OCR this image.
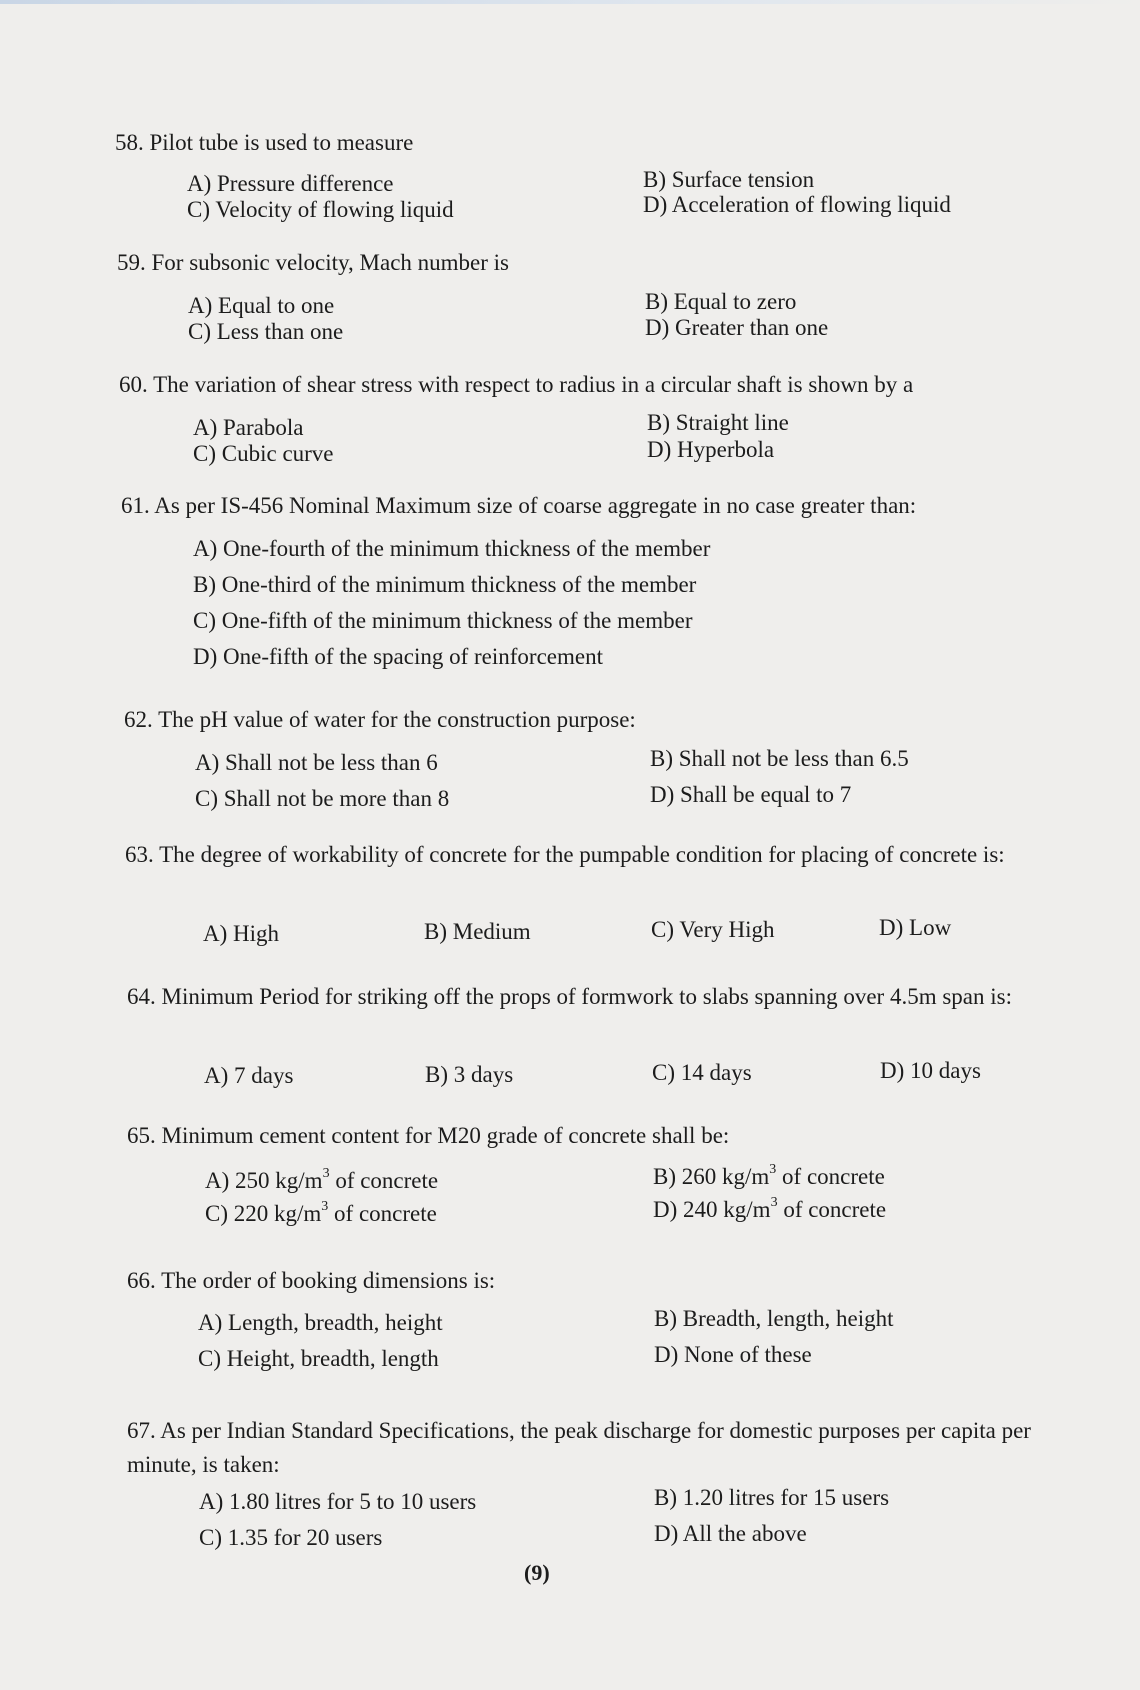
58. Pilot tube is used to measure
A) Pressure difference	B) Surface tension
C) Velocity of flowing liquid	D) Acceleration of flowing liquid
59. For subsonic velocity, Mach number is
A) Equal to one	B) Equal to zero
C) Less than one	D) Greater than one
60. The variation of shear stress with respect to radius in a circular shaft is shown by a
A) Parabola	B) Straight line
C) Cubic curve	D) Hyperbola
61. As per IS-456 Nominal Maximum size of coarse aggregate in no case greater than:
A) One-fourth of the minimum thickness of the member
B) One-third of the minimum thickness of the member
C) One-fifth of the minimum thickness of the member
D) One-fifth of the spacing of reinforcement
62. The pH value of water for the construction purpose:
A) Shall not be less than 6	B) Shall not be less than 6.5
C) Shall not be more than 8	D) Shall be equal to 7
63. The degree of workability of concrete for the pumpable condition for placing of concrete is:
A) High	B) Medium	C) Very High	D) Low
64. Minimum Period for striking off the props of formwork to slabs spanning over 4.5m span is:
A) 7 days	B) 3 days	C) 14 days	D) 10 days
65. Minimum cement content for M20 grade of concrete shall be:
A) 250 $kg/m^3$ of concrete	B) 260 $kg/m^3$ of concrete
C) 220 $kg/m^3$ of concrete	D) 240 $kg/m^3$ of concrete
66. The order of booking dimensions is:
A) Length, breadth, height	B) Breadth, length, height
C) Height, breadth, length	D) None of these
67. As per Indian Standard Specifications, the peak discharge for domestic purposes per capita per minute, is taken:
A) 1.80 litres for 5 to 10 users	B) 1.20 litres for 15 users
C) 1.35 for 20 users	D) All the above
(9)
